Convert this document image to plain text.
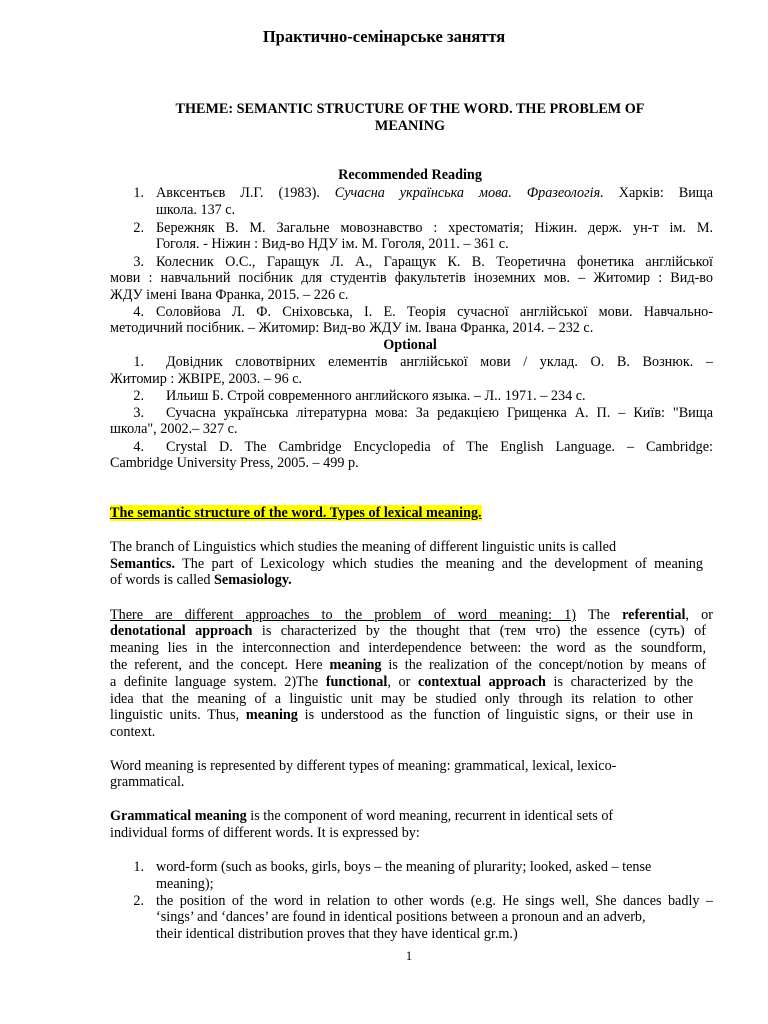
Практично-семінарське заняття
THEME: SEMANTIC STRUCTURE OF THE WORD. THE PROBLEM OF
MEANING
Recommended Reading
1. Авксентьєв Л.Г. (1983). Сучасна українська мова. Фразеологія. Харків: Вища
школа. 137 с.
2. Бережняк В. М. Загальне мовознавство : хрестоматія; Ніжин. держ. ун-т ім. М.
Гоголя. - Ніжин : Вид-во НДУ ім. М. Гоголя, 2011. – 361 с.
3. Колесник О.С., Гаращук Л. А., Гаращук К. В. Теоретична фонетика англійської
мови : навчальний посібник для студентів факультетів іноземних мов. – Житомир : Вид-во
ЖДУ імені Івана Франка, 2015. – 226 с.
4. Соловйова Л. Ф. Сніховська, І. Е. Теорія сучасної англійської мови. Навчально-
методичний посібник. – Житомир: Вид-во ЖДУ ім. Івана Франка, 2014. – 232 с.
Optional
1. Довідник словотвірних елементів англійської мови / уклад. О. В. Вознюк. –
Житомир : ЖВІРЕ, 2003. – 96 с.
2. Ильиш Б. Строй современного английского языка. – Л.. 1971. – 234 с.
3. Сучасна українська літературна мова: За редакцією Грищенка А. П. – Київ: "Вища
школа", 2002.– 327 с.
4. Crystal D. The Cambridge Encyclopedia of The English Language. – Cambridge:
Cambridge University Press, 2005. – 499 p.
The semantic structure of the word. Types of lexical meaning.
The branch of Linguistics which studies the meaning of different linguistic units is called
Semantics. The part of Lexicology which studies the meaning and the development of meaning
of words is called Semasiology.
There are different approaches to the problem of word meaning: 1) The referential, or
denotational approach is characterized by the thought that (тем что) the essence (суть) of
meaning lies in the interconnection and interdependence between: the word as the soundform,
the referent, and the concept. Here meaning is the realization of the concept/notion by means of
a definite language system. 2)The functional, or contextual approach is characterized by the
idea that the meaning of a linguistic unit may be studied only through its relation to other
linguistic units. Thus, meaning is understood as the function of linguistic signs, or their use in
context.
Word meaning is represented by different types of meaning: grammatical, lexical, lexico-
grammatical.
Grammatical meaning is the component of word meaning, recurrent in identical sets of
individual forms of different words. It is expressed by:
1. word-form (such as books, girls, boys – the meaning of plurarity; looked, asked – tense
meaning);
2. the position of the word in relation to other words (e.g. He sings well, She dances badly –
‘sings’ and ‘dances’ are found in identical positions between a pronoun and an adverb,
their identical distribution proves that they have identical gr.m.)
1
